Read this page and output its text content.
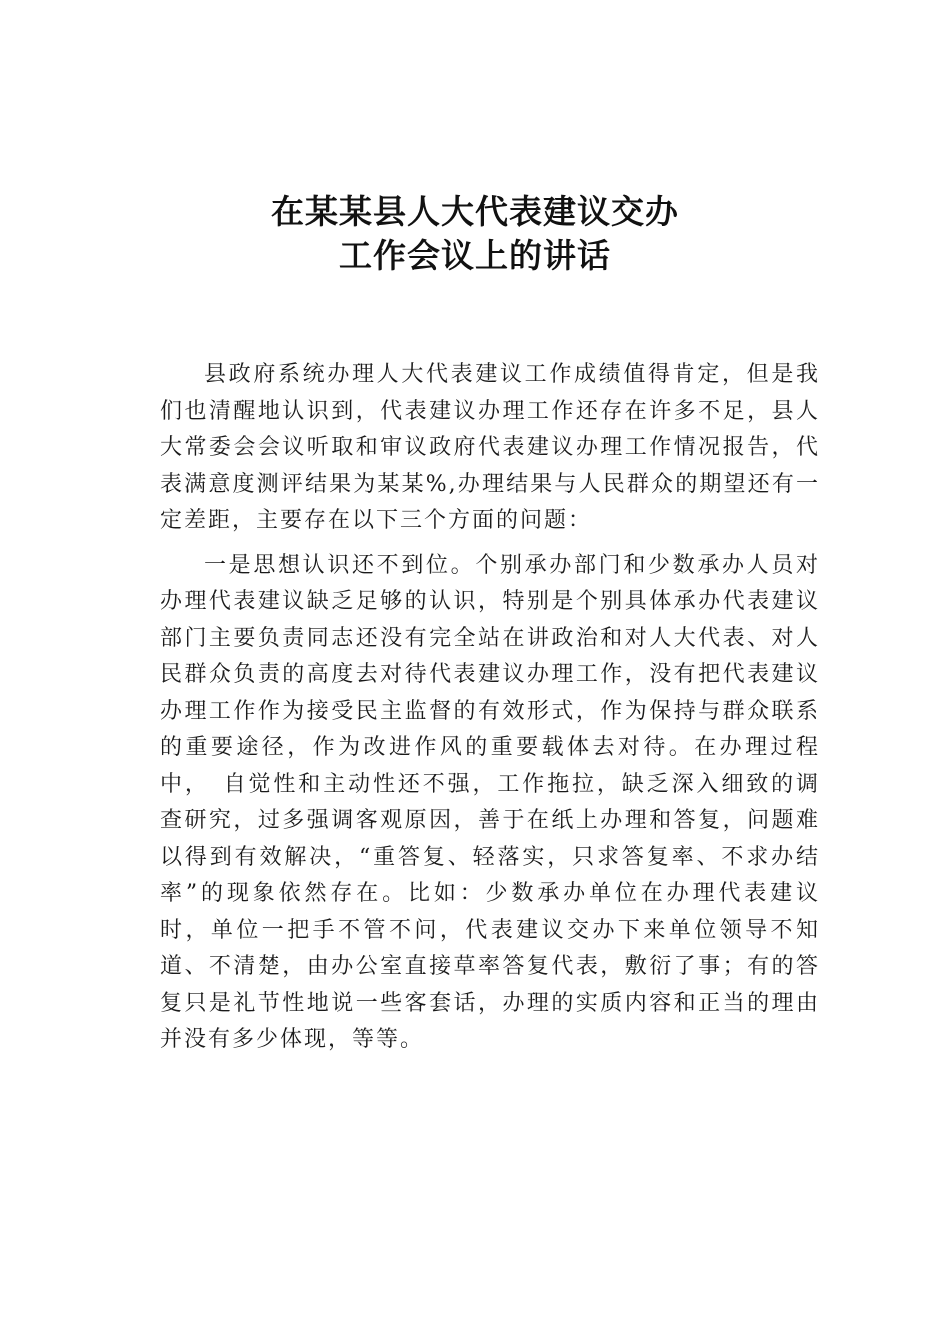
在某某县人大代表建议交办
工作会议上的讲话

县政府系统办理人大代表建议工作成绩值得肯定，但是我们也清醒地认识到，代表建议办理工作还存在许多不足，县人大常委会会议听取和审议政府代表建议办理工作情况报告，代表满意度测评结果为某某%,办理结果与人民群众的期望还有一定差距，主要存在以下三个方面的问题：

一是思想认识还不到位。个别承办部门和少数承办人员对办理代表建议缺乏足够的认识，特别是个别具体承办代表建议部门主要负责同志还没有完全站在讲政治和对人大代表、对人民群众负责的高度去对待代表建议办理工作，没有把代表建议办理工作作为接受民主监督的有效形式，作为保持与群众联系的重要途径，作为改进作风的重要载体去对待。在办理过程中，　自觉性和主动性还不强，工作拖拉，缺乏深入细致的调查研究，过多强调客观原因，善于在纸上办理和答复，问题难以得到有效解决，“重答复、轻落实，只求答复率、不求办结率”的现象依然存在。比如：少数承办单位在办理代表建议时，单位一把手不管不问，代表建议交办下来单位领导不知道、不清楚，由办公室直接草率答复代表，敷衍了事；有的答复只是礼节性地说一些客套话，办理的实质内容和正当的理由并没有多少体现，等等。
